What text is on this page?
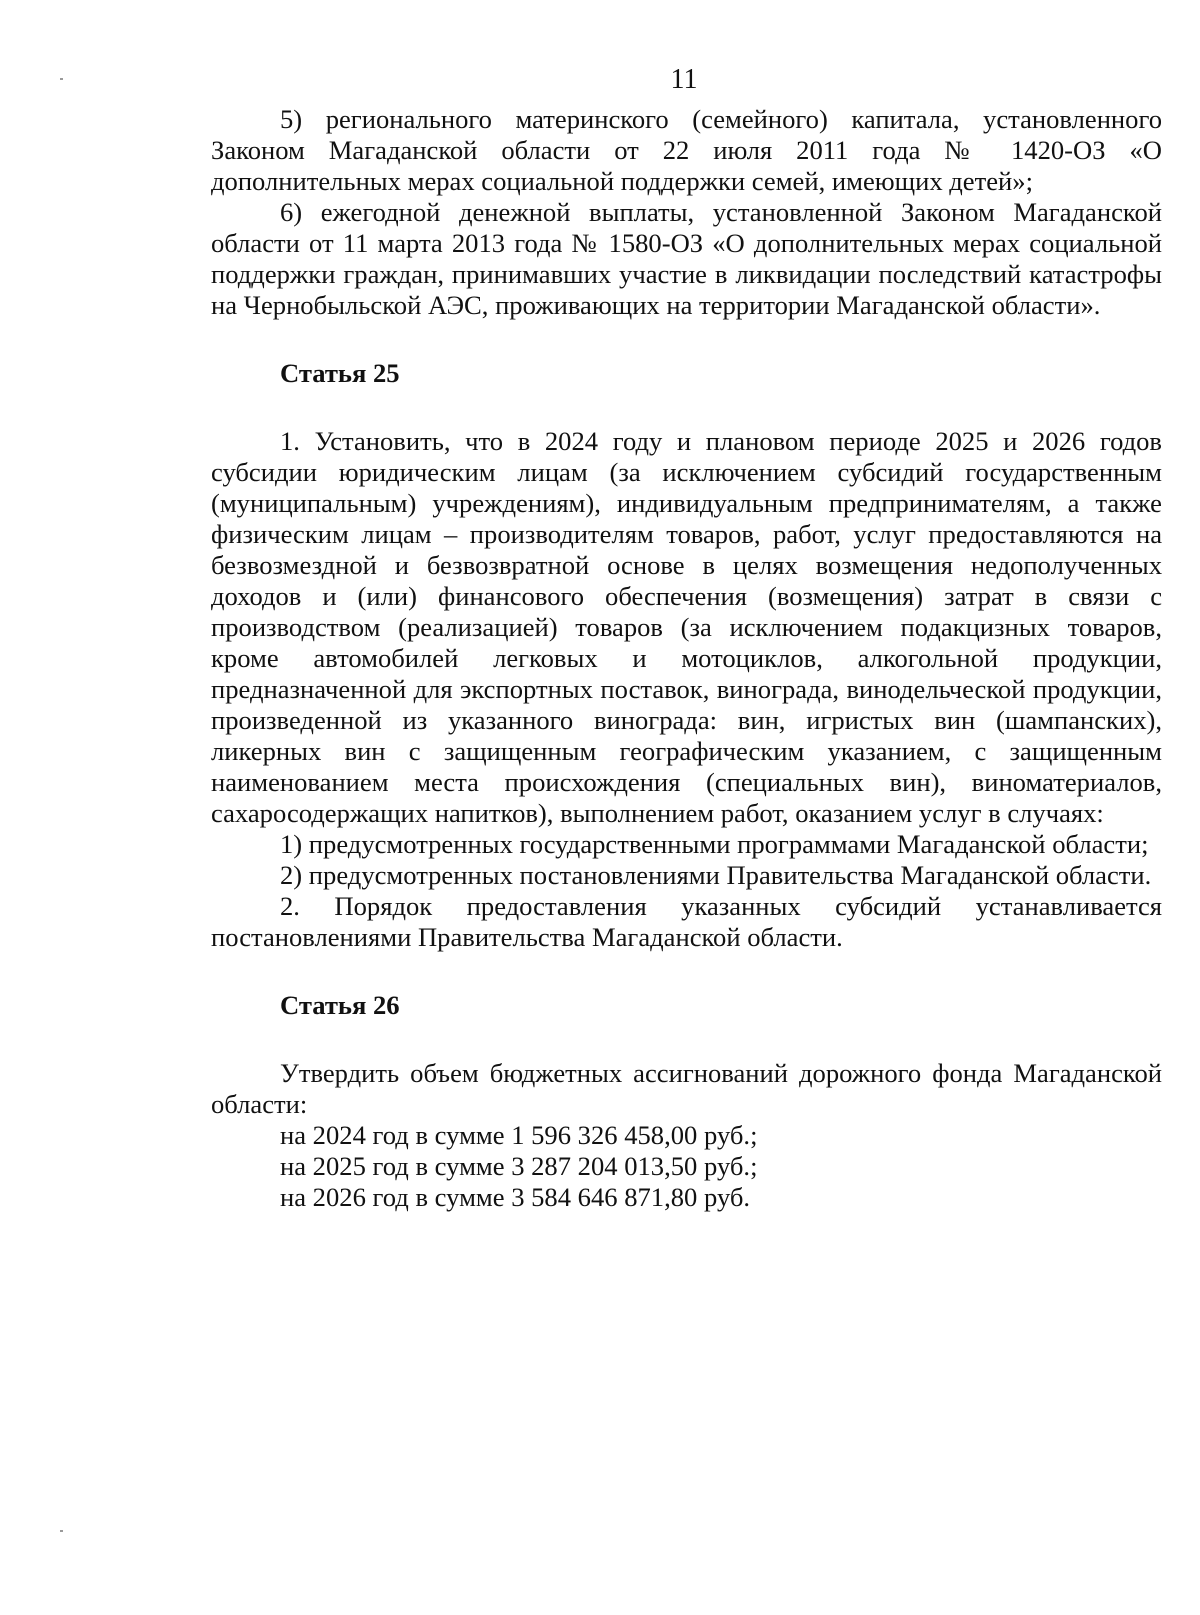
11

5) регионального материнского (семейного) капитала, установленного Законом Магаданской области от 22 июля 2011 года № 1420-ОЗ «О дополнительных мерах социальной поддержки семей, имеющих детей»;

6) ежегодной денежной выплаты, установленной Законом Магаданской области от 11 марта 2013 года № 1580-ОЗ «О дополнительных мерах социальной поддержки граждан, принимавших участие в ликвидации последствий катастрофы на Чернобыльской АЭС, проживающих на территории Магаданской области».

Статья 25

1. Установить, что в 2024 году и плановом периоде 2025 и 2026 годов субсидии юридическим лицам (за исключением субсидий государственным (муниципальным) учреждениям), индивидуальным предпринимателям, а также физическим лицам – производителям товаров, работ, услуг предоставляются на безвозмездной и безвозвратной основе в целях возмещения недополученных доходов и (или) финансового обеспечения (возмещения) затрат в связи с производством (реализацией) товаров (за исключением подакцизных товаров, кроме автомобилей легковых и мотоциклов, алкогольной продукции, предназначенной для экспортных поставок, винограда, винодельческой продукции, произведенной из указанного винограда: вин, игристых вин (шампанских), ликерных вин с защищенным географическим указанием, с защищенным наименованием места происхождения (специальных вин), виноматериалов, сахаросодержащих напитков), выполнением работ, оказанием услуг в случаях:

1) предусмотренных государственными программами Магаданской области;

2) предусмотренных постановлениями Правительства Магаданской области.

2. Порядок предоставления указанных субсидий устанавливается постановлениями Правительства Магаданской области.

Статья 26

Утвердить объем бюджетных ассигнований дорожного фонда Магаданской области:

на 2024 год в сумме 1 596 326 458,00 руб.;

на 2025 год в сумме 3 287 204 013,50 руб.;

на 2026 год в сумме 3 584 646 871,80 руб.
